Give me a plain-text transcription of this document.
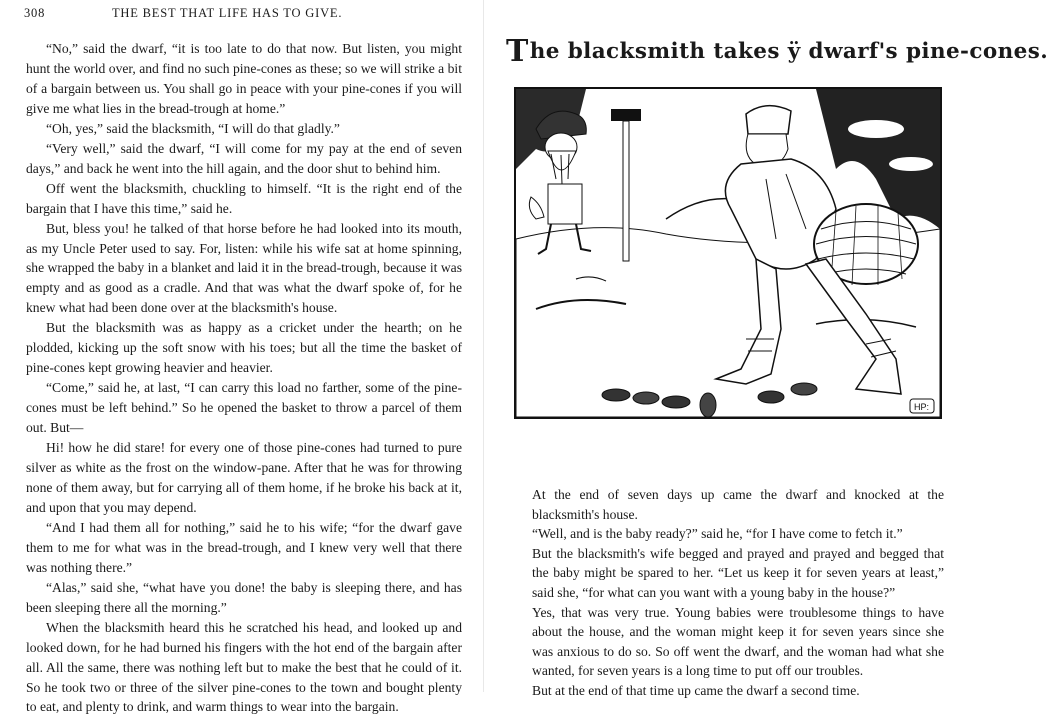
308	THE BEST THAT LIFE HAS TO GIVE.

“No,” said the dwarf, “it is too late to do that now. But listen, you might hunt the world over, and find no such pine-cones as these; so we will strike a bit of a bargain between us. You shall go in peace with your pine-cones if you will give me what lies in the bread-trough at home.”

“Oh, yes,” said the blacksmith, “I will do that gladly.”

“Very well,” said the dwarf, “I will come for my pay at the end of seven days,” and back he went into the hill again, and the door shut to behind him.

Off went the blacksmith, chuckling to himself. “It is the right end of the bargain that I have this time,” said he.

But, bless you! he talked of that horse before he had looked into its mouth, as my Uncle Peter used to say. For, listen: while his wife sat at home spinning, she wrapped the baby in a blanket and laid it in the bread-trough, because it was empty and as good as a cradle. And that was what the dwarf spoke of, for he knew what had been done over at the blacksmith's house.

But the blacksmith was as happy as a cricket under the hearth; on he plodded, kicking up the soft snow with his toes; but all the time the basket of pine-cones kept growing heavier and heavier.

“Come,” said he, at last, “I can carry this load no farther, some of the pine-cones must be left behind.” So he opened the basket to throw a parcel of them out. But—

Hi! how he did stare! for every one of those pine-cones had turned to pure silver as white as the frost on the window-pane. After that he was for throwing none of them away, but for carrying all of them home, if he broke his back at it, and upon that you may depend.

“And I had them all for nothing,” said he to his wife; “for the dwarf gave them to me for what was in the bread-trough, and I knew very well that there was nothing there.”

“Alas,” said she, “what have you done! the baby is sleeping there, and has been sleeping there all the morning.”

When the blacksmith heard this he scratched his head, and looked up and looked down, for he had burned his fingers with the hot end of the bargain after all. All the same, there was nothing left but to make the best that he could of it. So he took two or three of the silver pine-cones to the town and bought plenty to eat, and plenty to drink, and warm things to wear into the bargain.

The blacksmith takes ÿ dwarf's pine-cones.
HP:

At the end of seven days up came the dwarf and knocked at the blacksmith's house.

“Well, and is the baby ready?” said he, “for I have come to fetch it.”

But the blacksmith's wife begged and prayed and prayed and begged that the baby might be spared to her. “Let us keep it for seven years at least,” said she, “for what can you want with a young baby in the house?”

Yes, that was very true. Young babies were troublesome things to have about the house, and the woman might keep it for seven years since she was anxious to do so. So off went the dwarf, and the woman had what she wanted, for seven years is a long time to put off our troubles.

But at the end of that time up came the dwarf a second time.
